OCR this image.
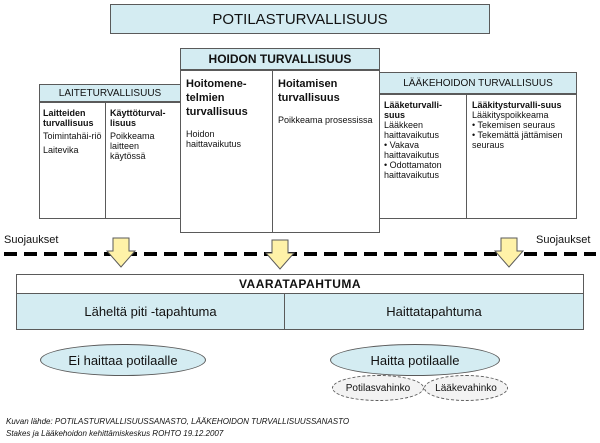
POTILASTURVALLISUUS
HOIDON TURVALLISUUS
Hoitomene-telmien turvallisuus
Hoidon haittavaikutus
Hoitamisen turvallisuus
Poikkeama prosessissa
LAITETURVALLISUUS
Laitteiden turvallisuus
Toimintahäi-riö
Laitevika
Käyttöturval-lisuus
Poikkeama laitteen käytössä
LÄÄKEHOIDON TURVALLISUUS
Lääketurvalli-suus
Lääkkeen haittavaikutus
• Vakava haittavaikutus
• Odottamaton haittavaikutus
Lääkitysturvalli-suus
Lääkityspoikkeama
• Tekemisen seuraus
• Tekemättä jättämisen seuraus
Suojaukset	Suojaukset
VAARATAPAHTUMA
Läheltä piti -tapahtuma	Haittatapahtuma
Ei haittaa potilaalle	Haitta potilaalle
Potilasvahinko Lääkevahinko
Kuvan lähde: POTILASTURVALLISUUSSANASTO, LÄÄKEHOIDON TURVALLISUUSSANASTO
Stakes ja Lääkehoidon kehittämiskeskus ROHTO 19.12.2007
